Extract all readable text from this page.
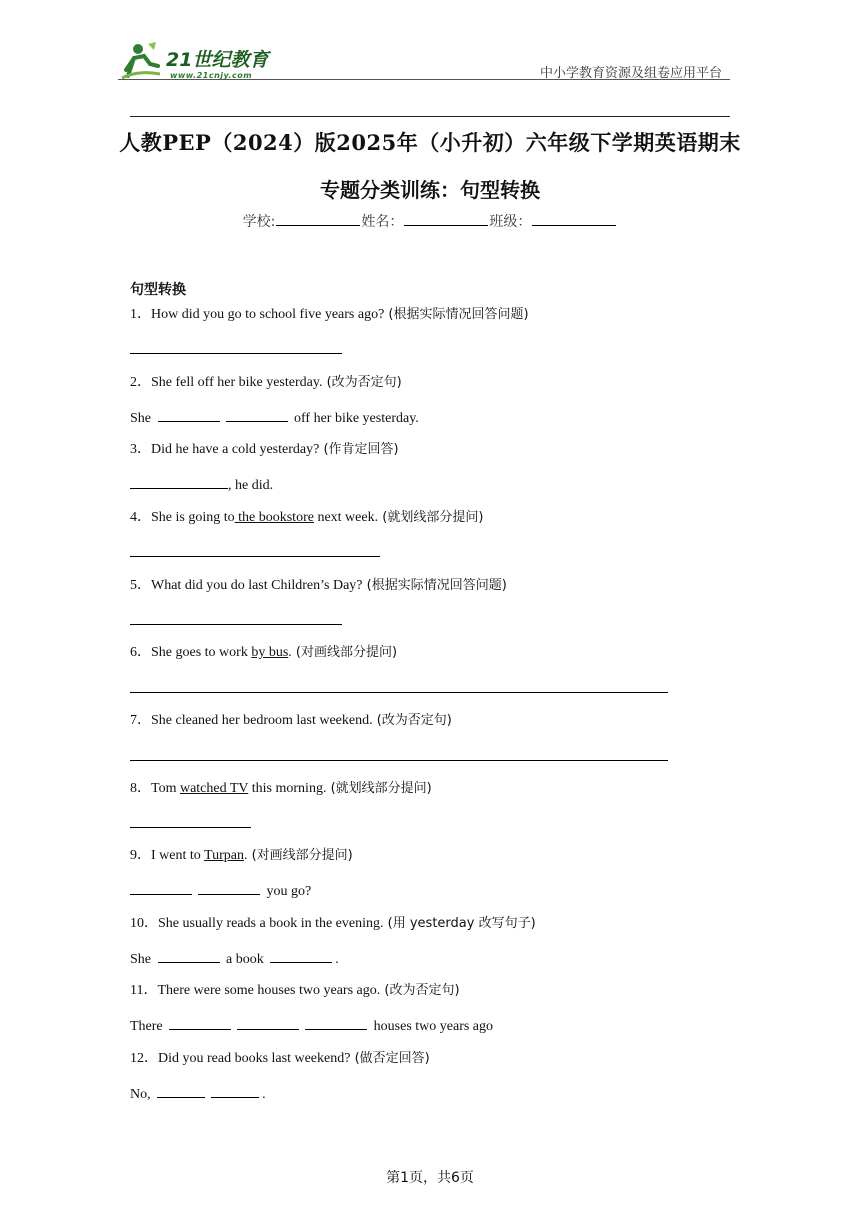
21世纪教育
www.21cnjy.com	中小学教育资源及组卷应用平台
人教PEP（2024）版2025年（小升初）六年级下学期英语期末
专题分类训练：句型转换
学校:	姓名：	班级：
句型转换
1．How did you go to school five years ago? (根据实际情况回答问题)
2．She fell off her bike yesterday. (改为否定句)
She	off her bike yesterday.
3．Did he have a cold yesterday? (作肯定回答)
, he did.
4．She is going to the bookstore next week. (就划线部分提问)
5．What did you do last Children’s Day? (根据实际情况回答问题)
6．She goes to work by bus. (对画线部分提问)
7．She cleaned her bedroom last weekend. (改为否定句)
8．Tom watched TV this morning. (就划线部分提问)
9．I went to Turpan. (对画线部分提问)
you go?
10．She usually reads a book in the evening. (用 yesterday 改写句子)
She	a book	.
11．There were some houses two years ago. (改为否定句)
There	houses two years ago
12．Did you read books last weekend? (做否定回答)
No,	.
第1页，共6页
